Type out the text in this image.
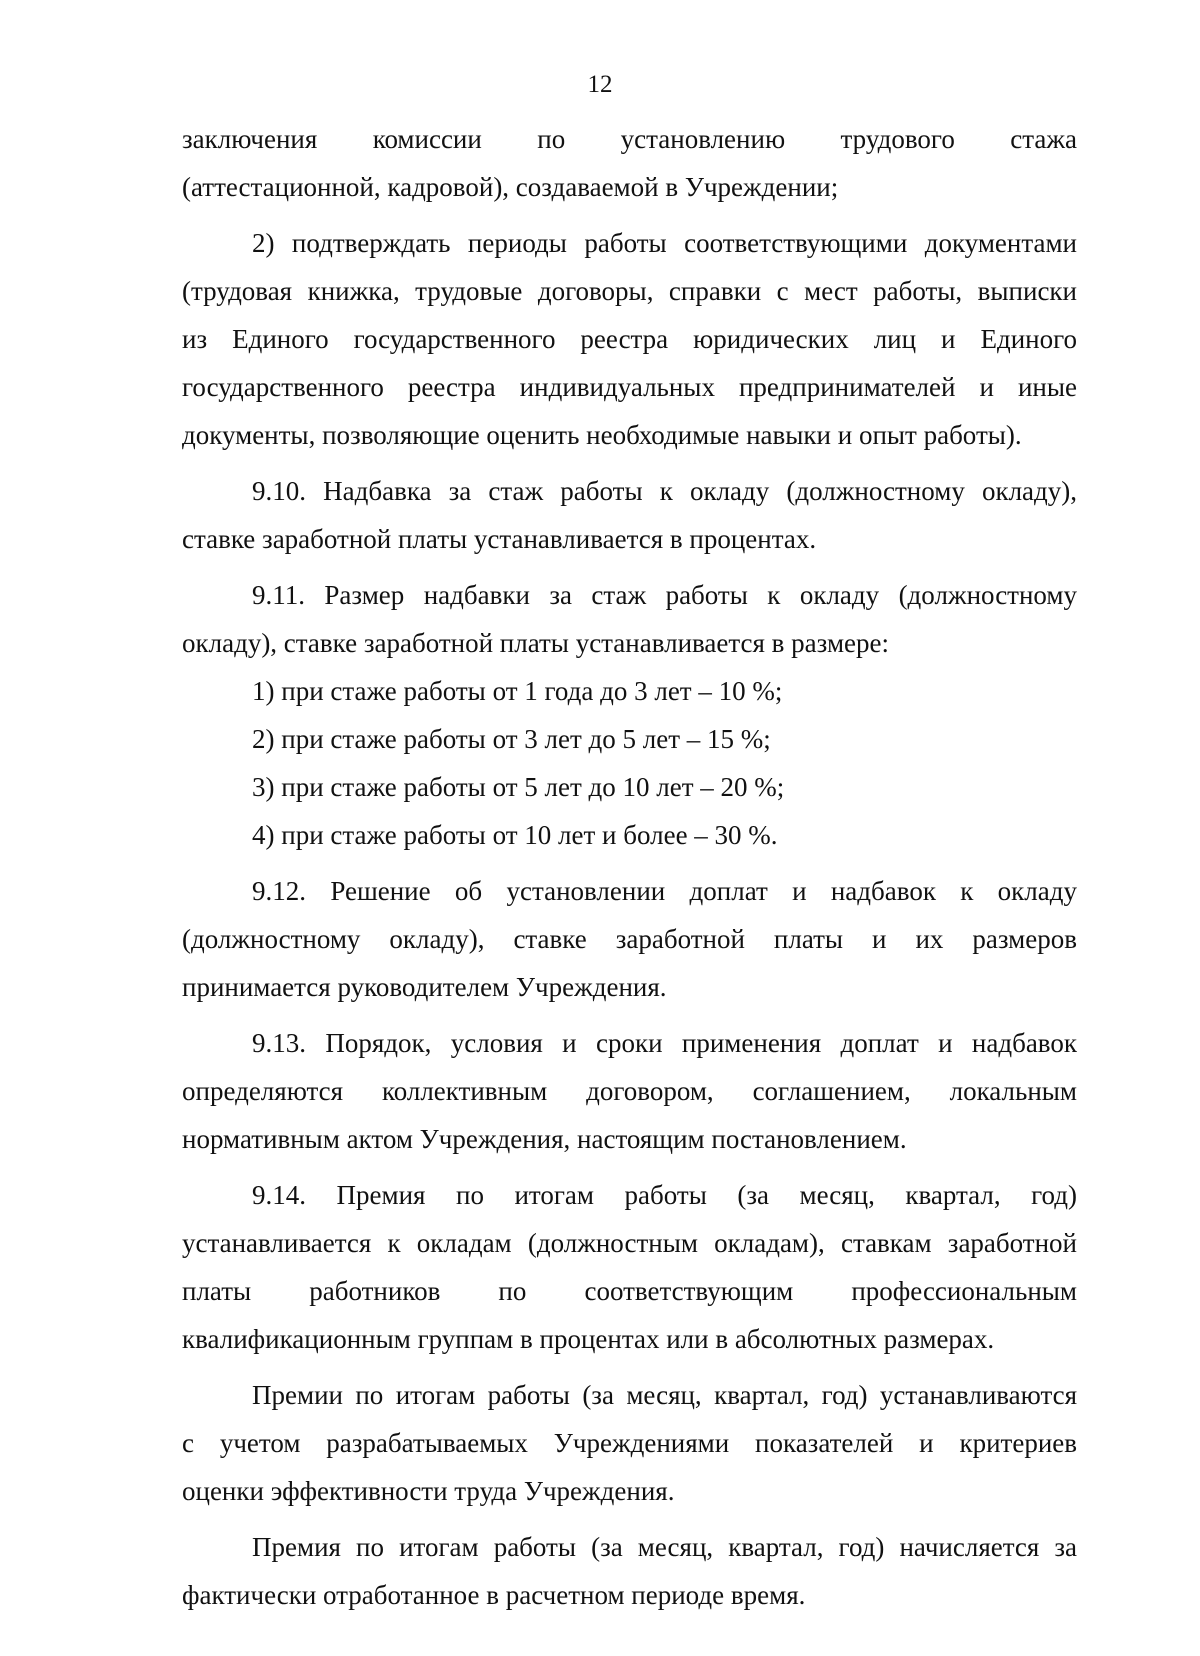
12

заключения комиссии по установлению трудового стажа
(аттестационной, кадровой), создаваемой в Учреждении;

2) подтверждать периоды работы соответствующими документами
(трудовая книжка, трудовые договоры, справки с мест работы, выписки
из Единого государственного реестра юридических лиц и Единого
государственного реестра индивидуальных предпринимателей и иные
документы, позволяющие оценить необходимые навыки и опыт работы).

9.10. Надбавка за стаж работы к окладу (должностному окладу),
ставке заработной платы устанавливается в процентах.

9.11. Размер надбавки за стаж работы к окладу (должностному
окладу), ставке заработной платы устанавливается в размере:

1) при стаже работы от 1 года до 3 лет – 10 %;

2) при стаже работы от 3 лет до 5 лет – 15 %;

3) при стаже работы от 5 лет до 10 лет – 20 %;

4) при стаже работы от 10 лет и более – 30 %.

9.12. Решение об установлении доплат и надбавок к окладу
(должностному окладу), ставке заработной платы и их размеров
принимается руководителем Учреждения.

9.13. Порядок, условия и сроки применения доплат и надбавок
определяются коллективным договором, соглашением, локальным
нормативным актом Учреждения, настоящим постановлением.

9.14. Премия по итогам работы (за месяц, квартал, год)
устанавливается к окладам (должностным окладам), ставкам заработной
платы работников по соответствующим профессиональным
квалификационным группам в процентах или в абсолютных размерах.

Премии по итогам работы (за месяц, квартал, год) устанавливаются
с учетом разрабатываемых Учреждениями показателей и критериев
оценки эффективности труда Учреждения.

Премия по итогам работы (за месяц, квартал, год) начисляется за
фактически отработанное в расчетном периоде время.
